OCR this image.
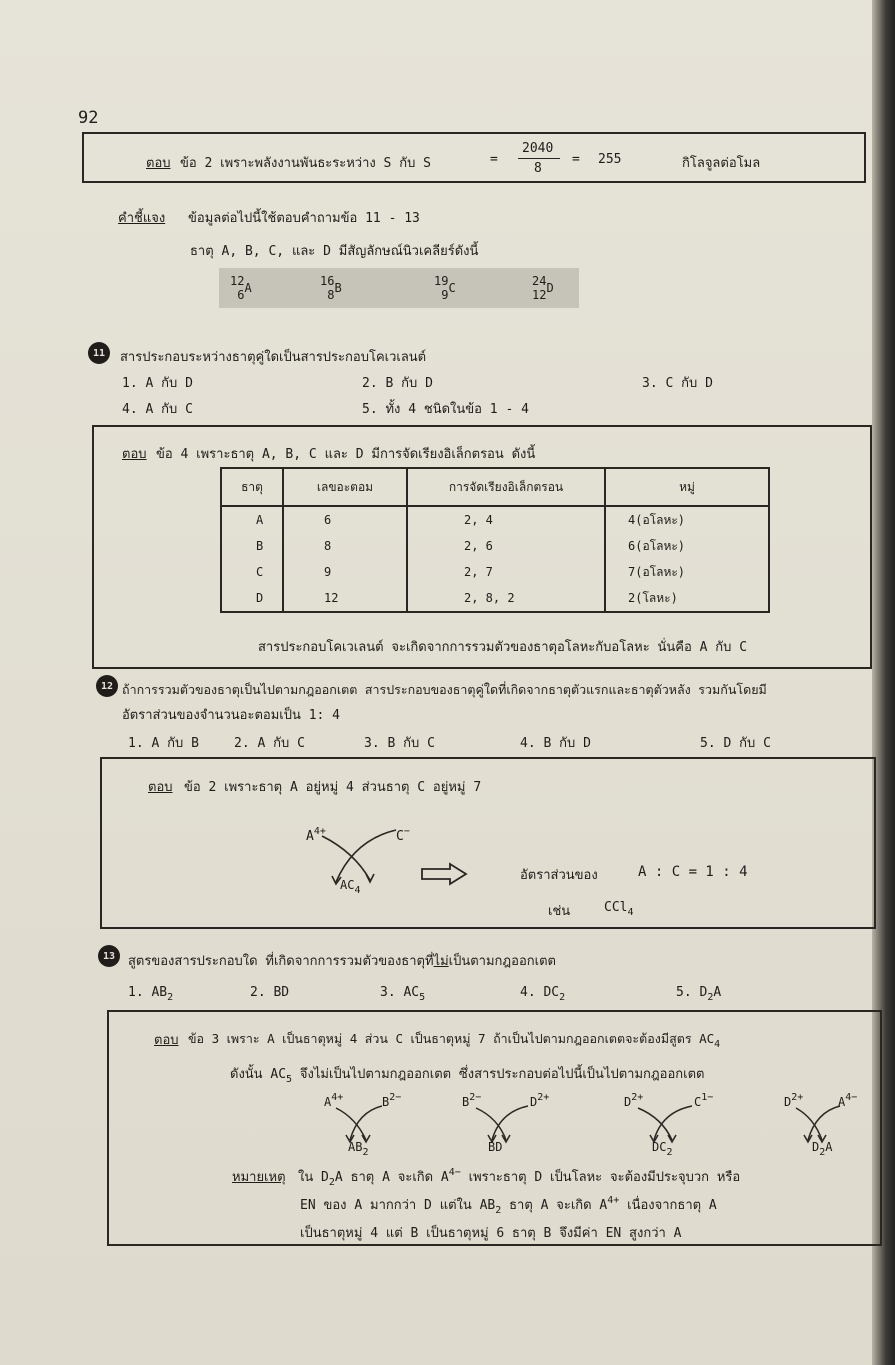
92
ตอบ ข้อ 2 เพราะพลังงานพันธะระหว่าง S กับ S	=
2040
8
= 255	กิโลจูลต่อโมล
คำชี้แจง ข้อมูลต่อไปนี้ใช้ตอบคำถามข้อ 11 - 13
ธาตุ A, B, C, และ D มีสัญลักษณ์นิวเคลียร์ดังนี้
12
6A	16
8B	19
9C	24
12D
11	สารประกอบระหว่างธาตุคู่ใดเป็นสารประกอบโคเวเลนต์
1. A กับ D	2. B กับ D	3. C กับ D
4. A กับ C	5. ทั้ง 4 ชนิดในข้อ 1 - 4
ตอบ ข้อ 4 เพราะธาตุ A, B, C และ D มีการจัดเรียงอิเล็กตรอน ดังนี้
ธาตุ	เลขอะตอม	การจัดเรียงอิเล็กตรอน	หมู่
A	6	2, 4	4(อโลหะ)
B	8	2, 6	6(อโลหะ)
C	9	2, 7	7(อโลหะ)
D	12	2, 8, 2	2(โลหะ)
สารประกอบโคเวเลนต์ จะเกิดจากการรวมตัวของธาตุอโลหะกับอโลหะ นั่นคือ A กับ C
12 ถ้าการรวมตัวของธาตุเป็นไปตามกฎออกเตต สารประกอบของธาตุคู่ใดที่เกิดจากธาตุตัวแรกและธาตุตัวหลัง รวมกันโดยมี
อัตราส่วนของจำนวนอะตอมเป็น 1: 4
1. A กับ B	2. A กับ C	3. B กับ C	4. B กับ D	5. D กับ C
ตอบ ข้อ 2 เพราะธาตุ A อยู่หมู่ 4 ส่วนธาตุ C อยู่หมู่ 7
$A^{4+}$	C−
$AC_4$
อัตราส่วนของ	A : C = 1 : 4
เช่น	CCl$_4$
13 สูตรของสารประกอบใด ที่เกิดจากการรวมตัวของธาตุที่ไม่เป็นตามกฎออกเตต
1. $AB_2$	2. BD	3. $AC_5$	4. $DC_2$	5. $D_2A$
ตอบ ข้อ 3 เพราะ A เป็นธาตุหมู่ 4 ส่วน C เป็นธาตุหมู่ 7 ถ้าเป็นไปตามกฎออกเตตจะต้องมีสูตร $AC_4$
ดังนั้น $AC_5$ จึงไม่เป็นไปตามกฎออกเตต ซึ่งสารประกอบต่อไปนี้เป็นไปตามกฎออกเตต
$A^{4+}$	$B^{2-}$
$AB_2$
$B^{2-}$	$D^{2+}$
BD
$D^{2+}$	$C^{1-}$
$DC_2$
$D^{2+}$	$A^{4-}$
$D_2A$
หมายเหตุ ใน $D_2A$ ธาตุ A จะเกิด $A^{4-}$ เพราะธาตุ D เป็นโลหะ จะต้องมีประจุบวก หรือ
EN ของ A มากกว่า D แต่ใน $AB_2$ ธาตุ A จะเกิด $A^{4+}$ เนื่องจากธาตุ A
เป็นธาตุหมู่ 4 แต่ B เป็นธาตุหมู่ 6 ธาตุ B จึงมีค่า EN สูงกว่า A
